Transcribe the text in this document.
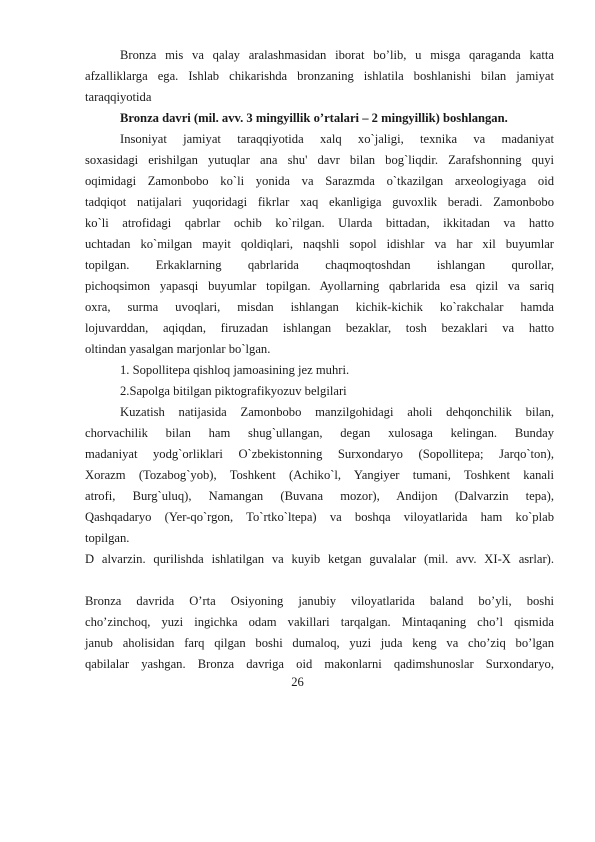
Bronza mis va qalay aralashmasidan iborat bo’lib, u misga qaraganda katta
afzalliklarga ega. Ishlab chikarishda bronzaning ishlatila boshlanishi bilan jamiyat
taraqqiyotida
Bronza davri (mil. avv. 3 mingyillik o’rtalari – 2 mingyillik) boshlangan.
Insoniyat jamiyat taraqqiyotida xalq xo`jaligi, texnika va madaniyat
soxasidagi erishilgan yutuqlar ana shu' davr bilan bog`liqdir. Zarafshonning quyi
oqimidagi Zamonbobo ko`li yonida va Sarazmda o`tkazilgan arxeologiyaga oid
tadqiqot natijalari yuqoridagi fikrlar xaq ekanligiga guvoxlik beradi. Zamonbobo
ko`li atrofidagi qabrlar ochib ko`rilgan. Ularda bittadan, ikkitadan va hatto
uchtadan ko`milgan mayit qoldiqlari, naqshli sopol idishlar va har xil buyumlar
topilgan. Erkaklarning qabrlarida chaqmoqtoshdan ishlangan qurollar,
pichoqsimon yapasqi buyumlar topilgan. Ayollarning qabrlarida esa qizil va sariq
oxra, surma uvoqlari, misdan ishlangan kichik-kichik ko`rakchalar hamda
lojuvarddan, aqiqdan, firuzadan ishlangan bezaklar, tosh bezaklari va hatto
oltindan yasalgan marjonlar bo`lgan.
1. Sopollitepa qishloq jamoasining jez muhri.
2.Sapolga bitilgan piktografikyozuv belgilari
Kuzatish natijasida Zamonbobo manzilgohidagi aholi dehqonchilik bilan,
chorvachilik bilan ham shug`ullangan, degan xulosaga kelingan. Bunday
madaniyat yodg`orliklari O`zbekistonning Surxondaryo (Sopollitepa; Jarqo`ton),
Xorazm (Tozabog`yob), Toshkent (Achiko`l, Yangiyer tumani, Toshkent kanali
atrofi, Burg`uluq), Namangan (Buvana mozor), Andijon (Dalvarzin tepa),
Qashqadaryo (Yer-qo`rgon, To`rtko`ltepa) va boshqa viloyatlarida ham ko`plab
topilgan.
D alvarzin. qurilishda ishlatilgan va kuyib ketgan guvalalar (mil. avv. XI-X asrlar).
Bronza davrida O’rta Osiyoning janubiy viloyatlarida baland bo’yli, boshi
cho’zinchoq, yuzi ingichka odam vakillari tarqalgan. Mintaqaning cho’l qismida
janub aholisidan farq qilgan boshi dumaloq, yuzi juda keng va cho’ziq bo’lgan
qabilalar yashgan. Bronza davriga oid makonlarni qadimshunoslar Surxondaryo,
26
